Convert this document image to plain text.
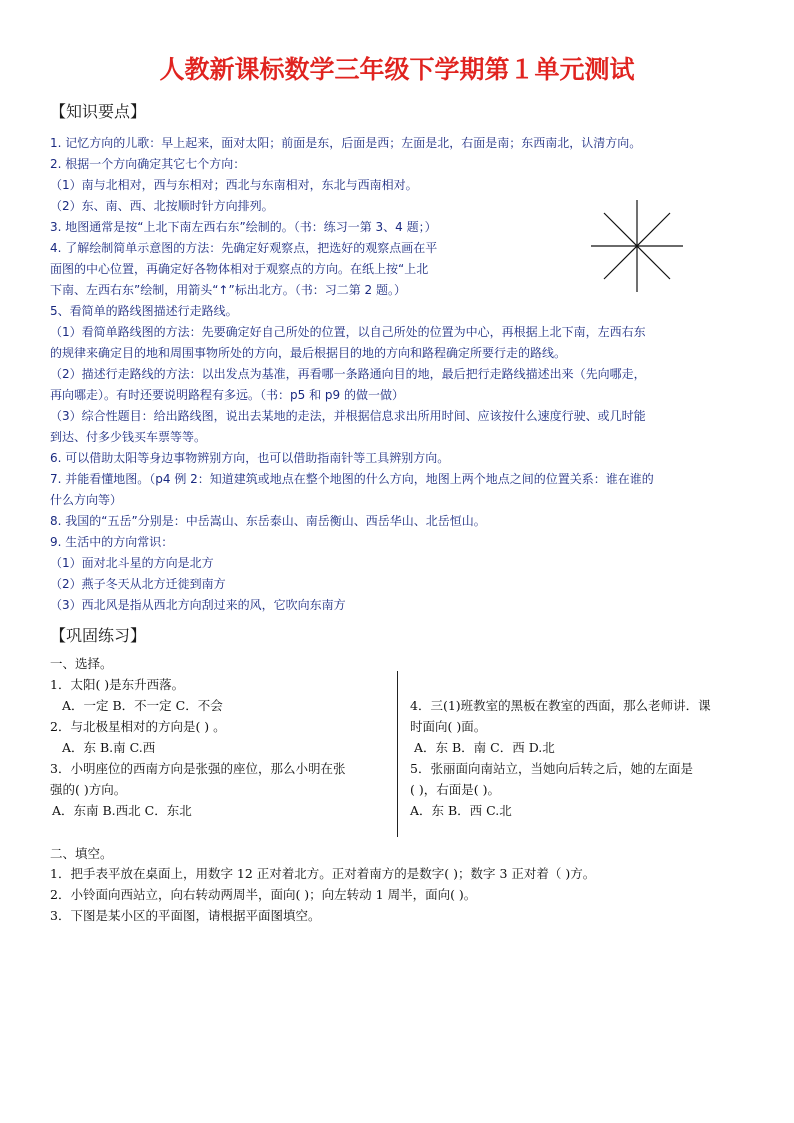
人教新课标数学三年级下学期第１单元测试
【知识要点】
1. 记忆方向的儿歌：早上起来，面对太阳；前面是东，后面是西；左面是北，右面是南；东西南北，认清方向。
2. 根据一个方向确定其它七个方向：
（1）南与北相对，西与东相对；西北与东南相对，东北与西南相对。
（2）东、南、西、北按顺时针方向排列。
3. 地图通常是按“上北下南左西右东”绘制的。（书：练习一第 3、4 题；）
4. 了解绘制简单示意图的方法：先确定好观察点，把选好的观察点画在平
面图的中心位置，再确定好各物体相对于观察点的方向。在纸上按“上北
下南、左西右东”绘制，用箭头“↑”标出北方。（书：习二第 2 题。）
5、看简单的路线图描述行走路线。
（1）看简单路线图的方法：先要确定好自己所处的位置，以自己所处的位置为中心，再根据上北下南，左西右东
的规律来确定目的地和周围事物所处的方向，最后根据目的地的方向和路程确定所要行走的路线。
（2）描述行走路线的方法：以出发点为基准，再看哪一条路通向目的地，最后把行走路线描述出来（先向哪走，
再向哪走）。有时还要说明路程有多远。（书：p5 和 p9 的做一做）
（3）综合性题目：给出路线图，说出去某地的走法，并根据信息求出所用时间、应该按什么速度行驶、或几时能
到达、付多少钱买车票等等。
6. 可以借助太阳等身边事物辨别方向，也可以借助指南针等工具辨别方向。
7. 并能看懂地图。（p4 例 2：知道建筑或地点在整个地图的什么方向，地图上两个地点之间的位置关系：谁在谁的
什么方向等）
8. 我国的“五岳”分别是：中岳嵩山、东岳泰山、南岳衡山、西岳华山、北岳恒山。
9. 生活中的方向常识：
（1）面对北斗星的方向是北方
（2）燕子冬天从北方迁徙到南方
（3）西北风是指从西北方向刮过来的风，它吹向东南方
【巩固练习】
一、选择。
1．太阳( )是东升西落。
A．一定 B．不一定 C．不会
2．与北极星相对的方向是( ) 。
A．东 B.南 C.西
3．小明座位的西南方向是张强的座位，那么小明在张
强的( )方向。
A．东南 B.西北 C．东北
4．三(1)班教室的黑板在教室的西面，那么老师讲．课
时面向( )面。
A．东 B．南 C．西 D.北
5．张丽面向南站立，当她向后转之后，她的左面是
( )，右面是( )。
A．东 B．西 C.北
二、填空。
1．把手表平放在桌面上，用数字 12 正对着北方。正对着南方的是数字( )；数字 3 正对着（ )方。
2．小铃面向西站立，向右转动两周半，面向( )；向左转动 1 周半，面向( )。
3．下图是某小区的平面图，请根据平面图填空。
